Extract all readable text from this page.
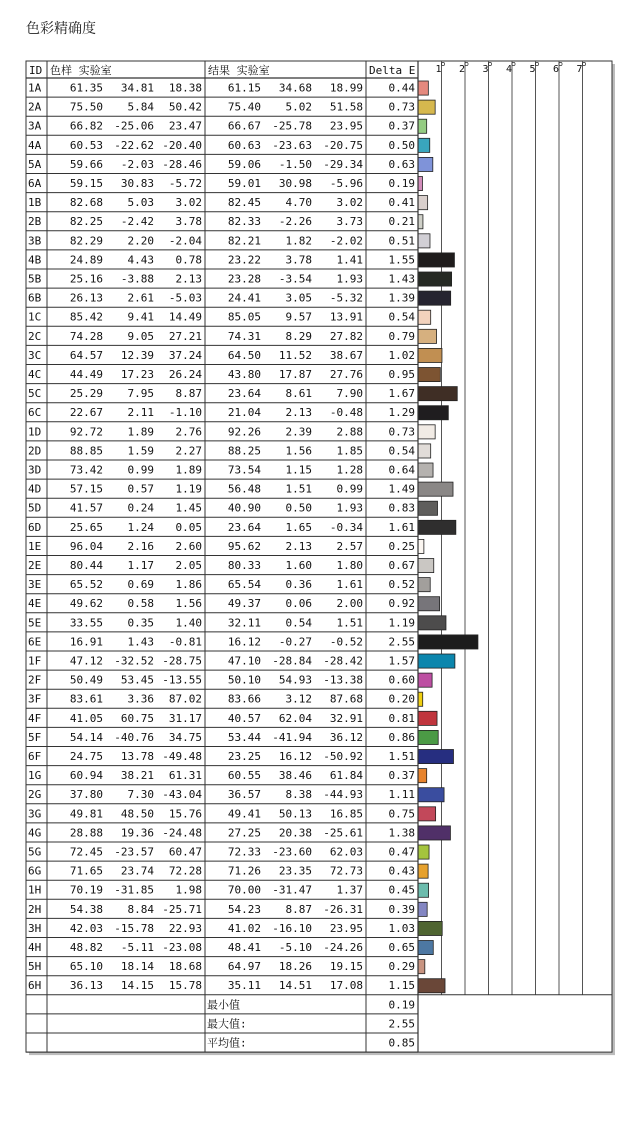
色彩精确度
1 2 3 4 5 6 7
ID 色样 实验室	结果 实验室	Delta E
1A	61.35 34.81 18.38 61.15 34.68 18.99 0.44
2A	75.50 5.84 50.42 75.40 5.02 51.58 0.73
3A	66.82 -25.06 23.47 66.67 -25.78 23.95 0.37
4A	60.53 -22.62 -20.40 60.63 -23.63 -20.75 0.50
5A	59.66 -2.03 -28.46 59.06 -1.50 -29.34 0.63
6A	59.15 30.83 -5.72 59.01 30.98 -5.96 0.19
1B	82.68 5.03 3.02 82.45 4.70 3.02 0.41
2B	82.25 -2.42 3.78 82.33 -2.26 3.73 0.21
3B	82.29 2.20 -2.04 82.21 1.82 -2.02 0.51
4B	24.89 4.43 0.78 23.22 3.78 1.41 1.55
5B	25.16 -3.88 2.13 23.28 -3.54 1.93 1.43
6B	26.13 2.61 -5.03 24.41 3.05 -5.32 1.39
1C	85.42 9.41 14.49 85.05 9.57 13.91 0.54
2C	74.28 9.05 27.21 74.31 8.29 27.82 0.79
3C	64.57 12.39 37.24 64.50 11.52 38.67 1.02
4C	44.49 17.23 26.24 43.80 17.87 27.76 0.95
5C	25.29 7.95 8.87 23.64 8.61 7.90 1.67
6C	22.67 2.11 -1.10 21.04 2.13 -0.48 1.29
1D	92.72 1.89 2.76 92.26 2.39 2.88 0.73
2D	88.85 1.59 2.27 88.25 1.56 1.85 0.54
3D	73.42 0.99 1.89 73.54 1.15 1.28 0.64
4D	57.15 0.57 1.19 56.48 1.51 0.99 1.49
5D	41.57 0.24 1.45 40.90 0.50 1.93 0.83
6D	25.65 1.24 0.05 23.64 1.65 -0.34 1.61
1E	96.04 2.16 2.60 95.62 2.13 2.57 0.25
2E	80.44 1.17 2.05 80.33 1.60 1.80 0.67
3E	65.52 0.69 1.86 65.54 0.36 1.61 0.52
4E	49.62 0.58 1.56 49.37 0.06 2.00 0.92
5E	33.55 0.35 1.40 32.11 0.54 1.51 1.19
6E	16.91 1.43 -0.81 16.12 -0.27 -0.52 2.55
1F	47.12 -32.52 -28.75 47.10 -28.84 -28.42 1.57
2F	50.49 53.45 -13.55 50.10 54.93 -13.38 0.60
3F	83.61 3.36 87.02 83.66 3.12 87.68 0.20
4F	41.05 60.75 31.17 40.57 62.04 32.91 0.81
5F	54.14 -40.76 34.75 53.44 -41.94 36.12 0.86
6F	24.75 13.78 -49.48 23.25 16.12 -50.92 1.51
1G	60.94 38.21 61.31 60.55 38.46 61.84 0.37
2G	37.80 7.30 -43.04 36.57 8.38 -44.93 1.11
3G	49.81 48.50 15.76 49.41 50.13 16.85 0.75
4G	28.88 19.36 -24.48 27.25 20.38 -25.61 1.38
5G	72.45 -23.57 60.47 72.33 -23.60 62.03 0.47
6G	71.65 23.74 72.28 71.26 23.35 72.73 0.43
1H	70.19 -31.85 1.98 70.00 -31.47 1.37 0.45
2H	54.38 8.84 -25.71 54.23 8.87 -26.31 0.39
3H	42.03 -15.78 22.93 41.02 -16.10 23.95 1.03
4H	48.82 -5.11 -23.08 48.41 -5.10 -24.26 0.65
5H	65.10 18.14 18.68 64.97 18.26 19.15 0.29
6H	36.13 14.15 15.78 35.11 14.51 17.08 1.15
最小值	0.19
最大值:	2.55
平均值:	0.85
